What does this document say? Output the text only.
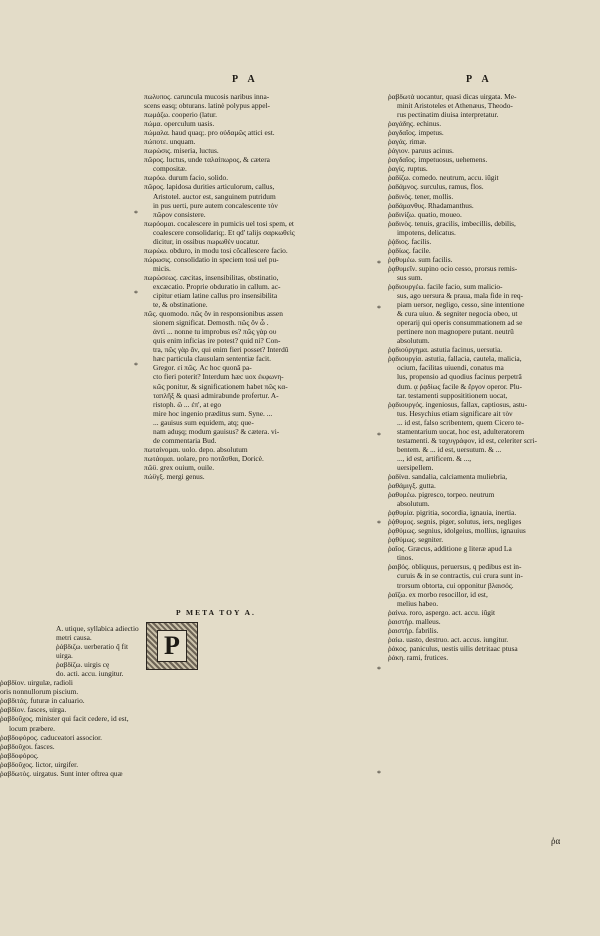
P A	P A
πωλυπος. caruncula mucosis naribus inna-
scens easq; obturans. latinè polypus appel-
πωμάζω. cooperio (latur.
πώμα. operculum uasis.
πώμαλα. haud quaq;. pro οὐδαμῶς attici est.
πώποτε. unquam.
πωρώσις. miseria, luctus.
πῶρος. luctus, unde ταλαίπωρος, & cætera
compositæ.
πωρόω. durum facio, solido.
πῶρος. lapidosa durities articulorum, callus,
Aristotel. auctor est, sanguinem putridum
in pus uerti, pure autem concalescente τὸν
πῶρον consistere.
πωρόομαι. cocalescere in pumicis uel tosi spem, et
coalescere consolidariq;. Et qd' talijs σαρκωθεὶς
dicitur, in ossibus πωρωθὲν uocatur.
πωρώω. obduro, in modu tosi cõcallescere facio.
πώρωσις. consolidatio in speciem tosi uel pu-
micis.
πωρώσεως. cæcitas, insensibilitas, obstinatio,
excæcatio. Proprie obduratio in callum. ac-
cipitur etiam latine callus pro insensibilita
te, & obstinatione.
πῶς. quomodo. πῶς ὅν in responsionibus assen
sionem significat. Demosth. πῶς ὅν ὦ .
ἀντὶ ... nonne tu improbus es? πῶς γὰρ ου
quis enim inficias ire potest? quid ni? Con-
tra, πῶς γὰρ ἄν, qui enim fieri posset? Interdũ
hæc particula clausulam sententiæ facit.
Gregor. εἰ πῶς. Ac hoc quonã pa-
cto fieri poterit? Interdum hæc uox ἐκφωνη-
κῶς ponitur, & significationem habet πῶς κα-
ταπλῆξ & quasi admirabunde profertur. A-
ristoph. ὢ ... ἐπ', at ego
mire hoc ingenio præditus sum. Syne. ...
... gauisus sum equidem, atq; que-
nam aduşq; modum gauisus? & cætera. vi-
de commentaria Bud.
πωταίνομαι. uolo. depo. absolutum
πωτάομαι. uolare, pro ποτᾶσθαι, Doricè.
πῶϋ. grex ouium, ouile.
πώϋγξ. mergi genus.
P META TOY A.
P
A. utique, syllabica adiectio
metri causa.
ῥάβδιζω. uerberatio q̃ fit
uirga.
ῥαβδίζω. uirgis cę
do. acti. accu. iungitur.
ῥαβδίον. uirgulæ, radioli
oris nonnullorum piscium.
ῥαβδιτάς. futuræ in caluario.
ῥαβδίον. fasces, uirga.
ῥαβδοῦχος. minister qui facit cedere, id est,
locum præbere.
ῥαβδοφόρος. caduceatori associor.
ῥαβδοῦχοι. fasces.
ῥαβδοφόρος.
ῥαβδοῦχος. lictor, uirgifer.
ῥαβδωτὸς. uirgatus. Sunt inter oftrea quæ
ῥαβδωτὰ uocantur, quasi dicas uirgata. Me-
minit Aristoteles et Athenæus, Theodo-
rus pectinatim diuisa interpretatur.
ῥαγάδης. echinus.
ῥαγδαῖος. impetus.
ῥαγάς. rimæ.
ῥάγιον. paruus acinus.
ῥαγδαῖος. impetuosus, uehemens.
ῥαγίς. ruptus.
ῥαδίζω. comedo. neutrum, accu. iũgit
ῥαδάμνος. surculus, ramus, flos.
ῥαδινὸς. tener, mollis.
ῥαδάμανθυς. Rhadamanthus.
ῥαδινίζω. quatio, moueo.
ῥαδινὸς. tenuis, gracilis, imbecillis, debilis,
impotens, delicatus.
ῥᾴδιος. facilis.
ῥᾳδίως. facile.
ῥᾳθυμέω. sum facilis.
ῥᾳθυμεῖν. supino ocio cesso, prorsus remis-
sus sum.
ῥᾳδιουργέω. facile facio, sum malicio-
sus, ago uersura & praua, mala fide in req-
piam uersor, negligo, cesso, sine intentione
& cura uiuo. & segniter negocia obeo, ut
operarij qui operis consummationem ad se
pertinere non magnopere putant. neutrũ
absolutum.
ῥᾳδιούργημα. astutia facinus, uersutia.
ῥᾳδιουργία. astutia, fallacia, cautela, malicia,
ocium, facilitas uiuendi, conatus ma
lus, propensio ad quodius facinus perpetrã
dum. ᾳ ῥᾳδίως facile & ἔργον operor. Plu-
tar. testamenti supposititionem uocat,
ῥᾳδιουργός. ingeniosus, fallax, captiosus, astu-
tus. Hesychius etiam significare ait τὸν
... id est, falso scribentem, quem Cicero te-
stamentarium uocat, hoc est, adulteratorem
testamenti. & ταχυγράφον, id est, celeriter scri-
bentem. & ... id est, uersutum. & ...
..., id est, artificem. & ...,
uersipellem.
ῥαδίνα. sandalia, calciamenta muliebria,
ῥαθάμιγξ. gutta.
ῥαθυμέω. pigresco, torpeo. neutrum
absolutum.
ῥᾳθυμία. pigritia, socordia, ignauia, inertia.
ῥᾴθυμος. segnis, piger, solutus, iers, negliges
ῥᾳθύμως. segnius, idolgeius, mollius, ignauius
ῥᾳθύμως. segniter.
ῥαῖος. Græcus, additione g literæ apud La
tinos.
ῥαιβός. obliquus, peruersus, q pedibus est in-
curuis & in se contractis, cui crura sunt in-
trorsum obtorta, cui opponitur βλαισός.
ῥαΐζω. ex morbo resocillor, id est,
melius habeo.
ῥαίνω. roro, aspergo. act. accu. iũgit
ῥαιστήρ. malleus.
ῥαιστήρ. fabrilis.
ῥαίω. uasto, destruo. act. accus. iungitur.
ῥάκος. paniculus, uestis uilis detritaac ptusa
ῥάκη. rami, frutices.
*
*
*
*
*
*
*
*
*
ῥα
